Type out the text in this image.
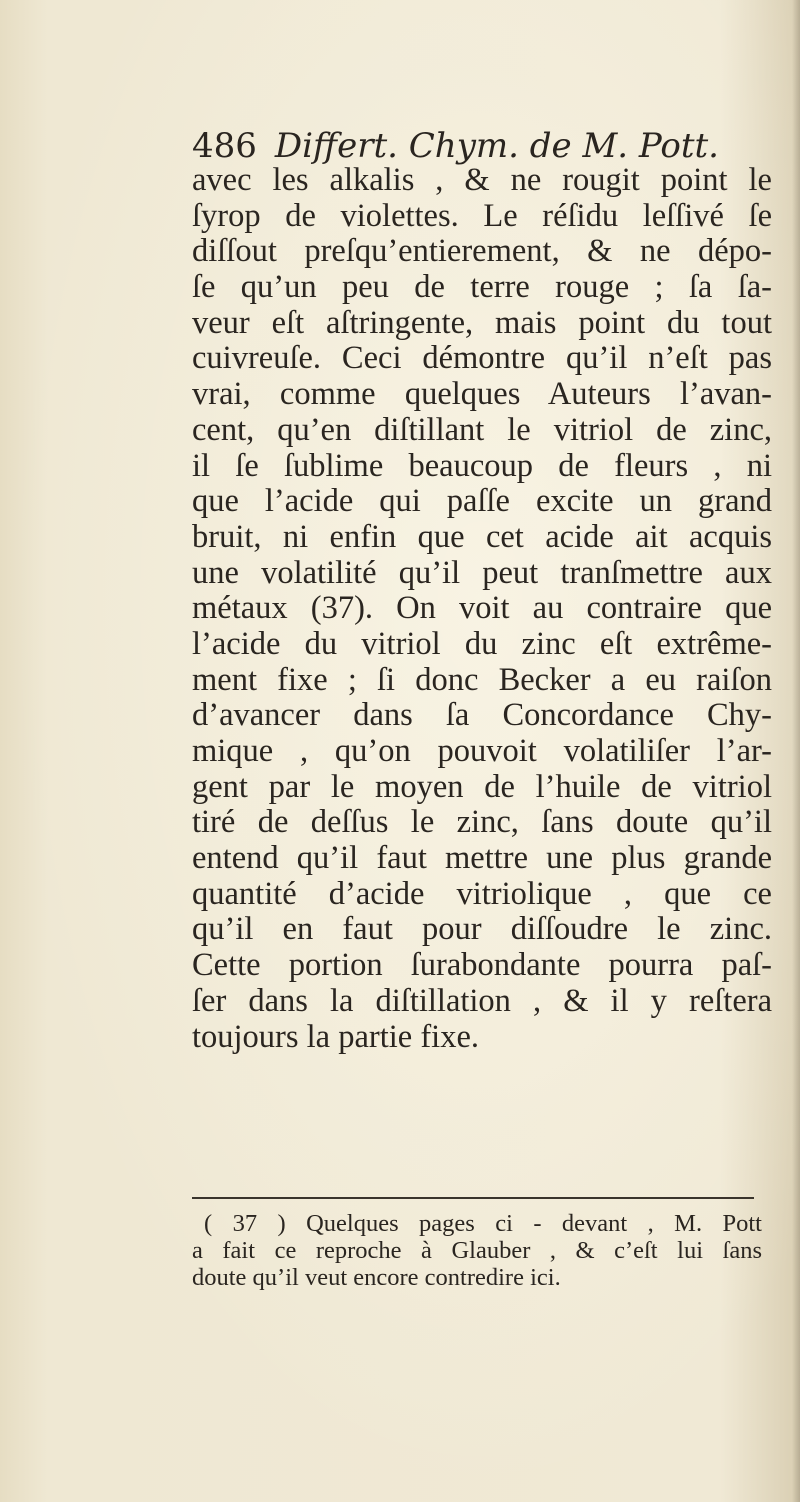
486 Differt. Chym. de M. Pott.
avec les alkalis , & ne rougit point le
ſyrop de violettes. Le réſidu leſſivé ſe
diſſout preſqu’entierement, & ne dépo-
ſe qu’un peu de terre rouge ; ſa ſa-
veur eſt aſtringente, mais point du tout
cuivreuſe. Ceci démontre qu’il n’eſt pas
vrai, comme quelques Auteurs l’avan-
cent, qu’en diſtillant le vitriol de zinc,
il ſe ſublime beaucoup de fleurs , ni
que l’acide qui paſſe excite un grand
bruit, ni enfin que cet acide ait acquis
une volatilité qu’il peut tranſmettre aux
métaux (37). On voit au contraire que
l’acide du vitriol du zinc eſt extrême-
ment fixe ; ſi donc Becker a eu raiſon
d’avancer dans ſa Concordance Chy-
mique , qu’on pouvoit volatiliſer l’ar-
gent par le moyen de l’huile de vitriol
tiré de deſſus le zinc, ſans doute qu’il
entend qu’il faut mettre une plus grande
quantité d’acide vitriolique , que ce
qu’il en faut pour diſſoudre le zinc.
Cette portion ſurabondante pourra paſ-
ſer dans la diſtillation , & il y reſtera
toujours la partie fixe.
( 37 ) Quelques pages ci - devant , M. Pott
a fait ce reproche à Glauber , & c’eſt lui ſans
doute qu’il veut encore contredire ici.
